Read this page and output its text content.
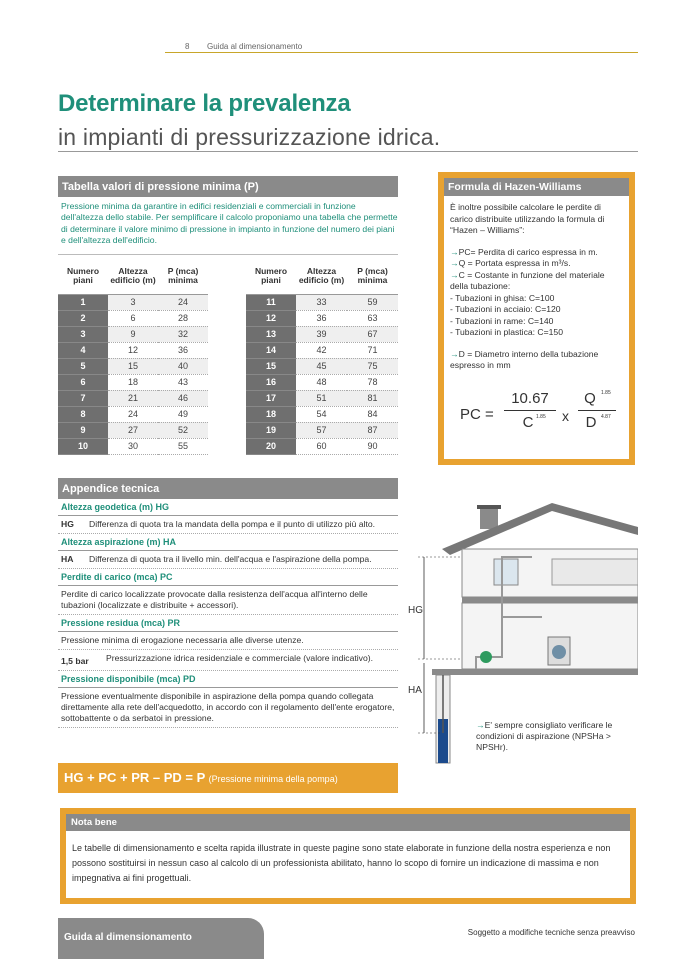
8 Guida al dimensionamento
Determinare la prevalenza
in impianti di pressurizzazione idrica.
Tabella valori di pressione minima (P)
Pressione minima da garantire in edifici residenziali e commerciali in funzione dell'altezza dello stabile. Per semplificare il calcolo proponiamo una tabella che permette di determinare il valore minimo di pressione in impianto in funzione del numero dei piani e dell'altezza dell'edificio.
Numero piani	Altezza edificio (m)	P (mca) minima
1	3	24
2	6	28
3	9	32
4	12	36
5	15	40
6	18	43
7	21	46
8	24	49
9	27	52
10	30	55
Numero piani	Altezza edificio (m)	P (mca) minima
11	33	59
12	36	63
13	39	67
14	42	71
15	45	75
16	48	78
17	51	81
18	54	84
19	57	87
20	60	90
Formula di Hazen-Williams

È inoltre possibile calcolare le perdite di carico distribuite utilizzando la formula di “Hazen – Williams”:

→PC= Perdita di carico espressa in m.
→Q = Portata espressa in m³/s.
→C = Costante in funzione del materiale della tubazione:
- Tubazioni in ghisa: C=100
- Tubazioni in acciaio: C=120
- Tubazioni in rame: C=140
- Tubazioni in plastica: C=150
→D = Diametro interno della tubazione espresso in mm
PC =
10.67
C 1.85 x
Q	1.85
D 4.87
Appendice tecnica
Altezza geodetica (m) HG
HG	Differenza di quota tra la mandata della pompa e il punto di utilizzo più alto.
Altezza aspirazione (m) HA
HA	Differenza di quota tra il livello min. dell'acqua e l'aspirazione della pompa.
Perdite di carico (mca) PC
Perdite di carico localizzate provocate dalla resistenza dell'acqua all'interno delle tubazioni (localizzate e distribuite + accessori).
Pressione residua (mca) PR
Pressione minima di erogazione necessaria alle diverse utenze.
1,5 bar	Pressurizzazione idrica residenziale e commerciale (valore indicativo).
Pressione disponibile (mca) PD
Pressione eventualmente disponibile in aspirazione della pompa quando collegata direttamente alla rete dell'acquedotto, in accordo con il regolamento dell'ente erogatore, sottobattente o da serbatoi in pressione.
HG + PC + PR – PD = P (Pressione minima della pompa)
HG
HA
→E' sempre consigliato verificare le condizioni di aspirazione (NPSHa > NPSHr).
Nota bene
Le tabelle di dimensionamento e scelta rapida illustrate in queste pagine sono state elaborate in funzione della nostra esperienza e non possono sostituirsi in nessun caso al calcolo di un professionista abilitato, hanno lo scopo di fornire un indicazione di massima e non impegnativa ai fini progettuali.
Guida al dimensionamento	Soggetto a modifiche tecniche senza preavviso
